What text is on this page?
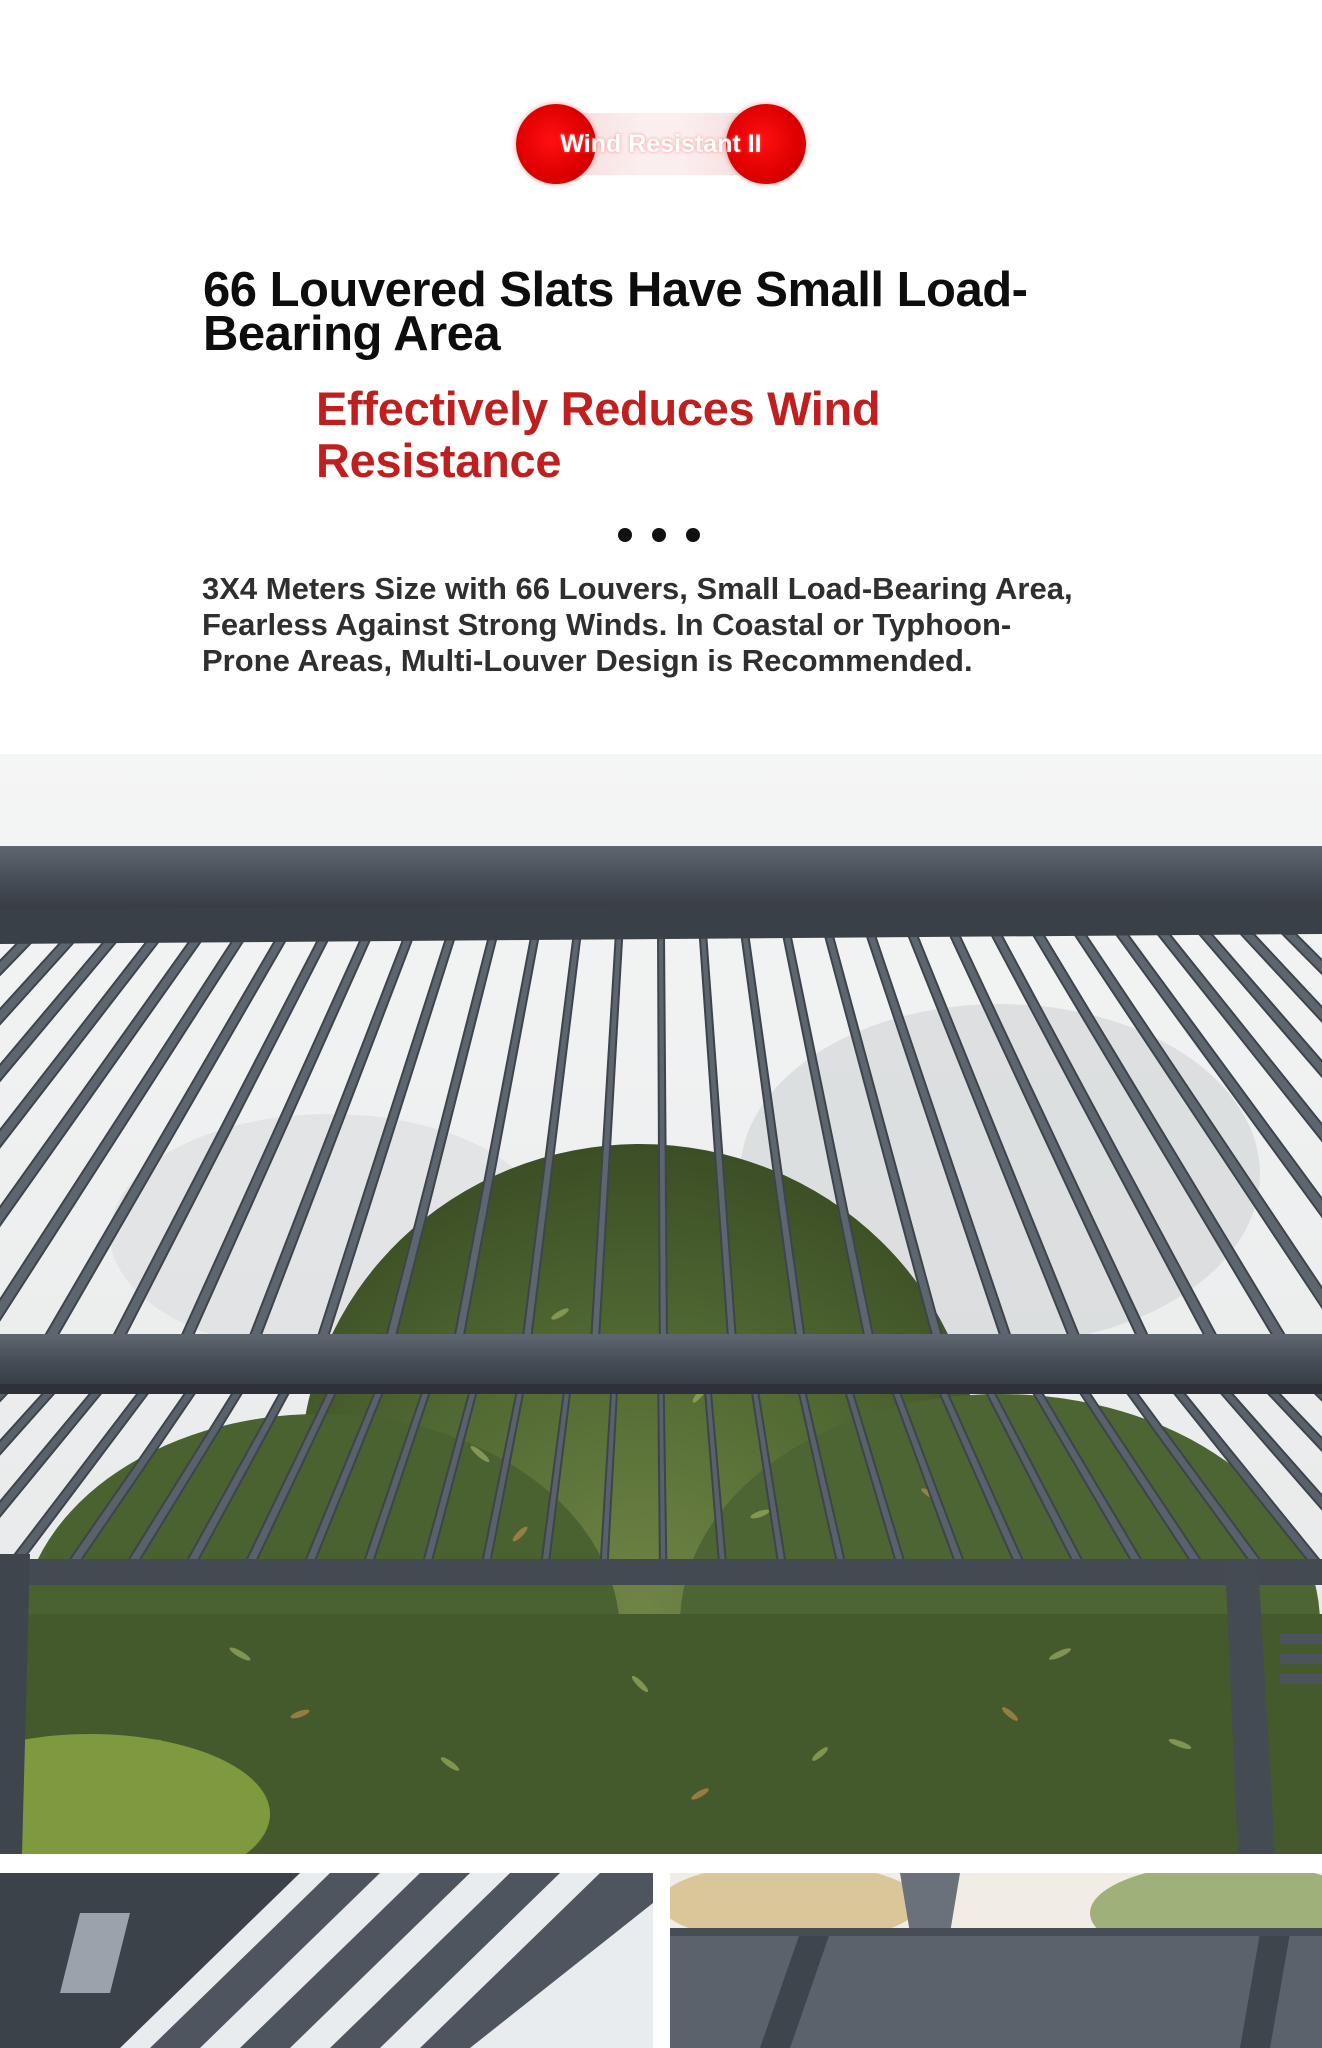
Wind Resistant II
66 Louvered Slats Have Small Load-Bearing Area
Effectively Reduces Wind Resistance

3X4 Meters Size with 66 Louvers, Small Load-Bearing Area, Fearless Against Strong Winds. In Coastal or Typhoon-Prone Areas, Multi-Louver Design is Recommended.
